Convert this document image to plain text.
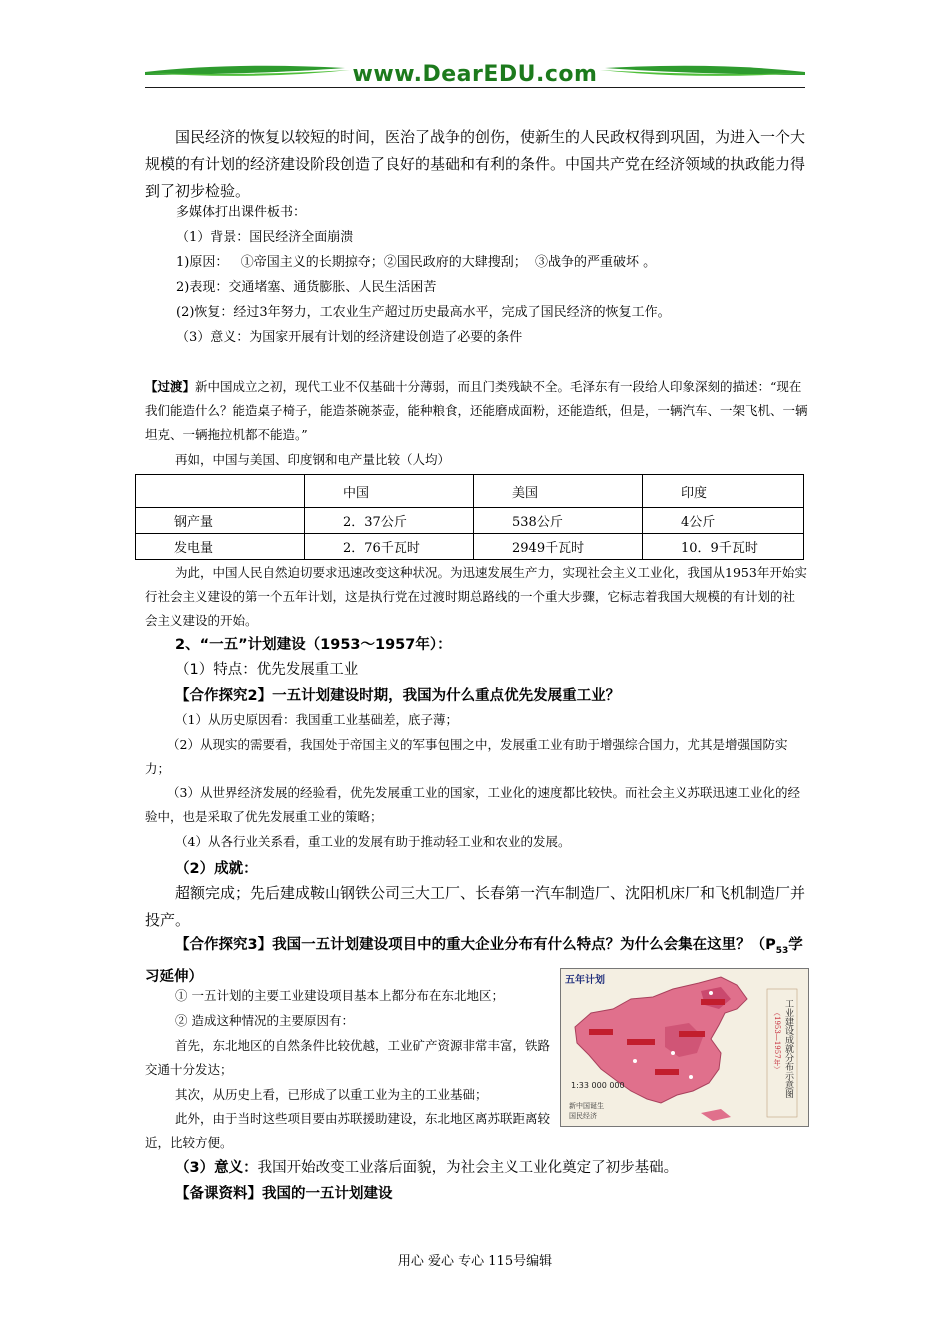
www.DearEDU.com

国民经济的恢复以较短的时间，医治了战争的创伤，使新生的人民政权得到巩固，为进入一个大规模的有计划的经济建设阶段创造了良好的基础和有利的条件。中国共产党在经济领域的执政能力得到了初步检验。

多媒体打出课件板书：

（1）背景：国民经济全面崩溃

1)原因：   ①帝国主义的长期掠夺；②国民政府的大肆搜刮；  ③战争的严重破坏 。

2)表现：交通堵塞、通货膨胀、人民生活困苦

(2)恢复：经过3年努力，工农业生产超过历史最高水平，完成了国民经济的恢复工作。

（3）意义：为国家开展有计划的经济建设创造了必要的条件

【过渡】新中国成立之初，现代工业不仅基础十分薄弱，而且门类残缺不全。毛泽东有一段给人印象深刻的描述：“现在我们能造什么？能造桌子椅子，能造茶碗茶壶，能种粮食，还能磨成面粉，还能造纸，但是，一辆汽车、一架飞机、一辆坦克、一辆拖拉机都不能造。”

再如，中国与美国、印度钢和电产量比较（人均）

	中国	美国	印度
钢产量	2．37公斤	538公斤	4公斤
发电量	2．76千瓦时	2949千瓦时	10．9千瓦时

为此，中国人民自然迫切要求迅速改变这种状况。为迅速发展生产力，实现社会主义工业化，我国从1953年开始实行社会主义建设的第一个五年计划，这是执行党在过渡时期总路线的一个重大步骤，它标志着我国大规模的有计划的社会主义建设的开始。

2、“一五”计划建设（1953～1957年）：

（1）特点：优先发展重工业

【合作探究2】一五计划建设时期，我国为什么重点优先发展重工业？

（1）从历史原因看：我国重工业基础差，底子薄；

（2）从现实的需要看，我国处于帝国主义的军事包围之中，发展重工业有助于增强综合国力，尤其是增强国防实力；

（3）从世界经济发展的经验看，优先发展重工业的国家，工业化的速度都比较快。而社会主义苏联迅速工业化的经验中，也是采取了优先发展重工业的策略；

（4）从各行业关系看，重工业的发展有助于推动轻工业和农业的发展。

（2）成就：

超额完成；先后建成鞍山钢铁公司三大工厂、长春第一汽车制造厂、沈阳机床厂和飞机制造厂并投产。

【合作探究3】我国一五计划建设项目中的重大企业分布有什么特点？为什么会集在这里？（$P_{53}$学习延伸）

① 一五计划的主要工业建设项目基本上都分布在东北地区；

② 造成这种情况的主要原因有：

首先，东北地区的自然条件比较优越，工业矿产资源非常丰富，铁路交通十分发达；

其次，从历史上看，已形成了以重工业为主的工业基础；

此外，由于当时这些项目要由苏联援助建设，东北地区离苏联距离较近，比较方便。

（3）意义：我国开始改变工业落后面貌，为社会主义工业化奠定了初步基础。

【备课资料】我国的一五计划建设

五年计划
工业建设成就分布示意图
（1953—1957年）
1:33 000 000
新中国诞生
国民经济
用心 爱心 专心 115号编辑
